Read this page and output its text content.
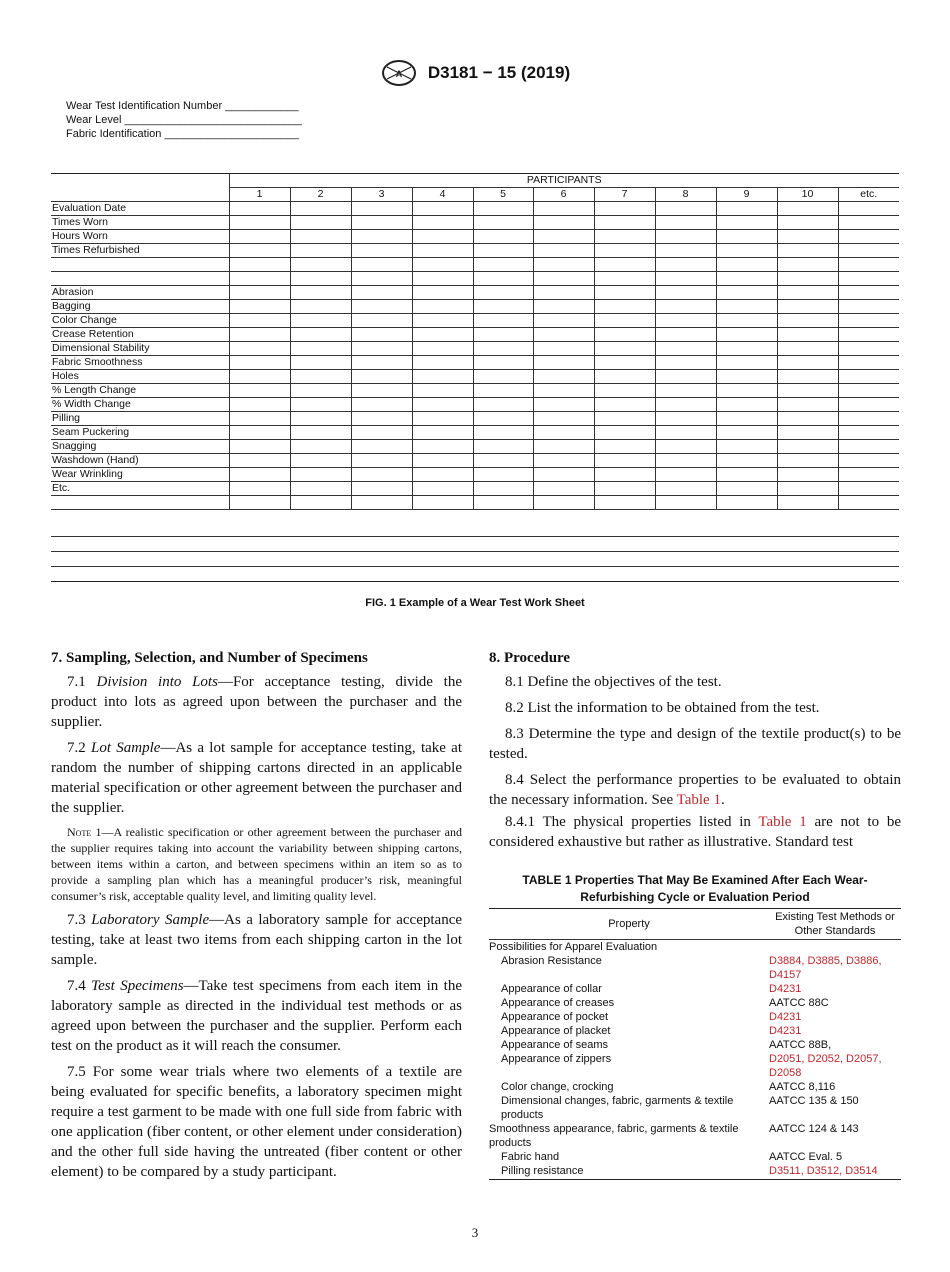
A D3181 − 15 (2019)
Wear Test Identification Number ____________
Wear Level _____________________________
Fabric Identification ______________________
	PARTICIPANTS										
	1	2	3	4	5	6	7	8	9	10	etc.
Evaluation Date											
Times Worn											
Hours Worn											
Times Refurbished											

Abrasion											
Bagging											
Color Change											
Crease Retention											
Dimensional Stability											
Fabric Smoothness											
Holes											
% Length Change											
% Width Change											
Pilling											
Seam Puckering											
Snagging											
Washdown (Hand)											
Wear Wrinkling											
Etc.											

FIG. 1 Example of a Wear Test Work Sheet
7. Sampling, Selection, and Number of Specimens

7.1 Division into Lots—For acceptance testing, divide the product into lots as agreed upon between the purchaser and the supplier.

7.2 Lot Sample—As a lot sample for acceptance testing, take at random the number of shipping cartons directed in an applicable material specification or other agreement between the purchaser and the supplier.

Note 1—A realistic specification or other agreement between the purchaser and the supplier requires taking into account the variability between shipping cartons, between items within a carton, and between specimens within an item so as to provide a sampling plan which has a meaningful producer’s risk, meaningful consumer’s risk, acceptable quality level, and limiting quality level.

7.3 Laboratory Sample—As a laboratory sample for acceptance testing, take at least two items from each shipping carton in the lot sample.

7.4 Test Specimens—Take test specimens from each item in the laboratory sample as directed in the individual test methods or as agreed upon between the purchaser and the supplier. Perform each test on the product as it will reach the consumer.

7.5 For some wear trials where two elements of a textile are being evaluated for specific benefits, a laboratory specimen might require a test garment to be made with one full side from fabric with one application (fiber content, or other element under consideration) and the other full side having the untreated (fiber content or other element) to be compared by a study participant.

8. Procedure

8.1 Define the objectives of the test.

8.2 List the information to be obtained from the test.

8.3 Determine the type and design of the textile product(s) to be tested.

8.4 Select the performance properties to be evaluated to obtain the necessary information. See Table 1.

8.4.1 The physical properties listed in Table 1 are not to be considered exhaustive but rather as illustrative. Standard test

TABLE 1 Properties That May Be Examined After Each Wear-Refurbishing Cycle or Evaluation Period
Property	Existing Test Methods or Other Standards
Possibilities for Apparel Evaluation	
Abrasion Resistance	D3884, D3885, D3886, D4157
Appearance of collar	D4231
Appearance of creases	AATCC 88C
Appearance of pocket	D4231
Appearance of placket	D4231
Appearance of seams	AATCC 88B,
Appearance of zippers	D2051, D2052, D2057, D2058
Color change, crocking	AATCC 8,116
Dimensional changes, fabric, garments & textile products	AATCC 135 & 150
Smoothness appearance, fabric, garments & textile products	AATCC 124 & 143
Fabric hand	AATCC Eval. 5
Pilling resistance	D3511, D3512, D3514
3
